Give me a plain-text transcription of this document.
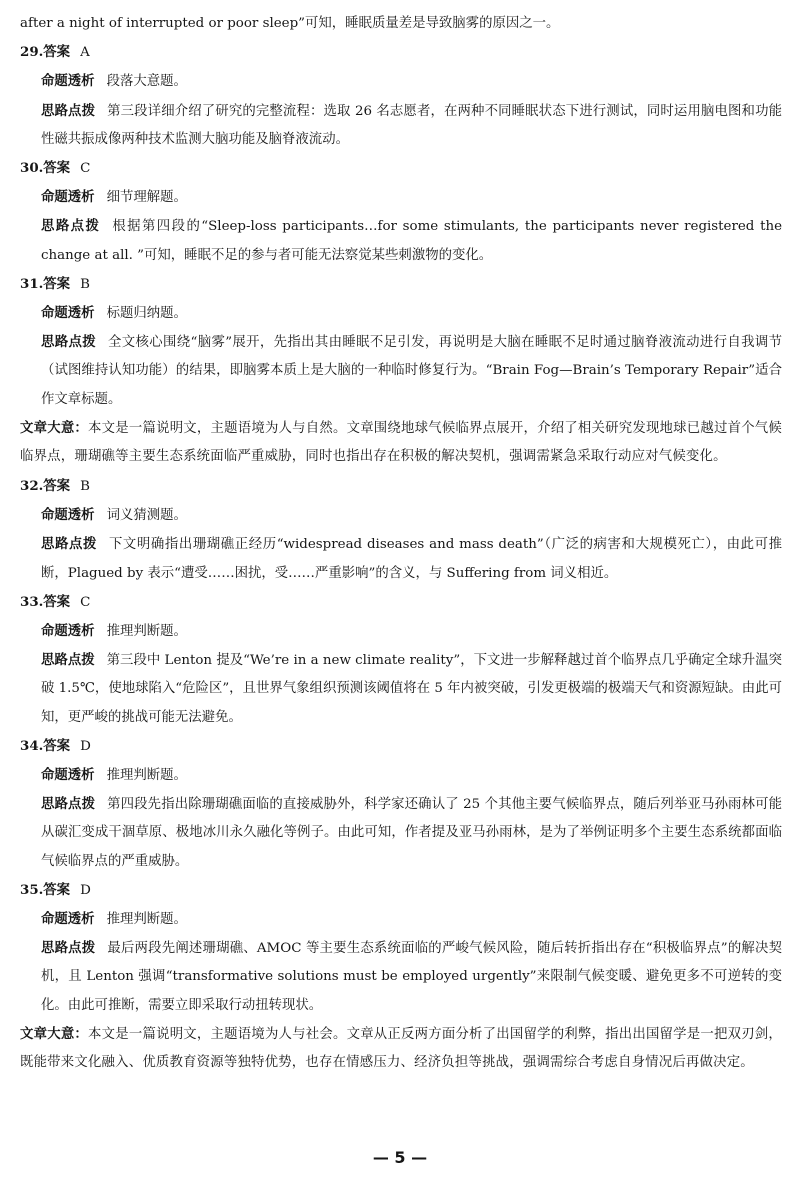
after a night of interrupted or poor sleep”可知，睡眠质量差是导致脑雾的原因之一。

29.答案 A
命题透析 段落大意题。
思路点拨 第三段详细介绍了研究的完整流程：选取 26 名志愿者，在两种不同睡眠状态下进行测试，同时运用脑电图和功能性磁共振成像两种技术监测大脑功能及脑脊液流动。
30.答案 C
命题透析 细节理解题。
思路点拨 根据第四段的“Sleep-loss participants…for some stimulants, the participants never registered the change at all. ”可知，睡眠不足的参与者可能无法察觉某些刺激物的变化。
31.答案 B
命题透析 标题归纳题。
思路点拨 全文核心围绕“脑雾”展开，先指出其由睡眠不足引发，再说明是大脑在睡眠不足时通过脑脊液流动进行自我调节（试图维持认知功能）的结果，即脑雾本质上是大脑的一种临时修复行为。“Brain Fog—Brain’s Temporary Repair”适合作文章标题。
文章大意：本文是一篇说明文，主题语境为人与自然。文章围绕地球气候临界点展开，介绍了相关研究发现地球已越过首个气候临界点，珊瑚礁等主要生态系统面临严重威胁，同时也指出存在积极的解决契机，强调需紧急采取行动应对气候变化。
32.答案 B
命题透析 词义猜测题。
思路点拨 下文明确指出珊瑚礁正经历“widespread diseases and mass death”（广泛的病害和大规模死亡），由此可推断，Plagued by 表示“遭受……困扰，受……严重影响”的含义，与 Suffering from 词义相近。
33.答案 C
命题透析 推理判断题。
思路点拨 第三段中 Lenton 提及“We’re in a new climate reality”，下文进一步解释越过首个临界点几乎确定全球升温突破 1.5℃，使地球陷入“危险区”，且世界气象组织预测该阈值将在 5 年内被突破，引发更极端的极端天气和资源短缺。由此可知，更严峻的挑战可能无法避免。
34.答案 D
命题透析 推理判断题。
思路点拨 第四段先指出除珊瑚礁面临的直接威胁外，科学家还确认了 25 个其他主要气候临界点，随后列举亚马孙雨林可能从碳汇变成干涸草原、极地冰川永久融化等例子。由此可知，作者提及亚马孙雨林，是为了举例证明多个主要生态系统都面临气候临界点的严重威胁。
35.答案 D
命题透析 推理判断题。
思路点拨 最后两段先阐述珊瑚礁、AMOC 等主要生态系统面临的严峻气候风险，随后转折指出存在“积极临界点”的解决契机，且 Lenton 强调“transformative solutions must be employed urgently”来限制气候变暖、避免更多不可逆转的变化。由此可推断，需要立即采取行动扭转现状。
文章大意：本文是一篇说明文，主题语境为人与社会。文章从正反两方面分析了出国留学的利弊，指出出国留学是一把双刃剑，既能带来文化融入、优质教育资源等独特优势，也存在情感压力、经济负担等挑战，强调需综合考虑自身情况后再做决定。
— 5 —
